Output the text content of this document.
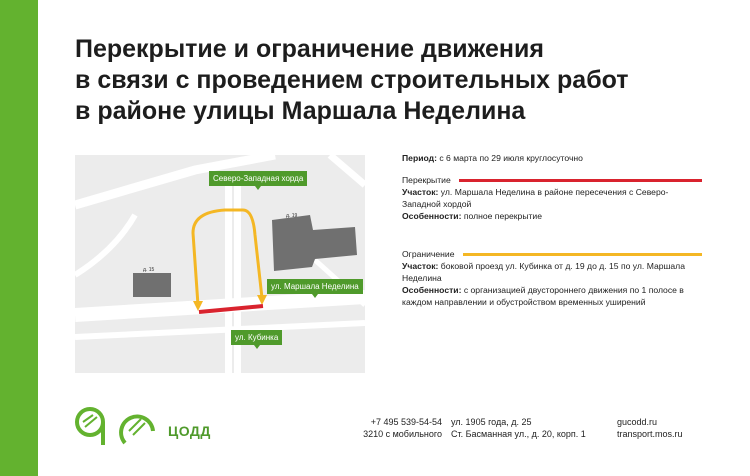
Перекрытие и ограничение движения
в связи с проведением строительных работ
в районе улицы Маршала Неделина
Северо-Западная хорда
ул. Маршала Неделина
ул. Кубинка
д. 19
д. 15

Период: с 6 марта по 29 июля круглосуточно

Перекрытие

Участок: ул. Маршала Неделина в районе пересечения с Северо-Западной хордой

Особенности: полное перекрытие

Ограничение

Участок: боковой проезд ул. Кубинка от д. 19 до д. 15 по ул. Маршала Неделина

Особенности: с организацией двустороннего движения по 1 полосе в каждом направлении и обустройством временных уширений

ЦОДД
+7 495 539-54-54
3210 с мобильного
ул. 1905 года, д. 25
Ст. Басманная ул., д. 20, корп. 1
gucodd.ru
transport.mos.ru
